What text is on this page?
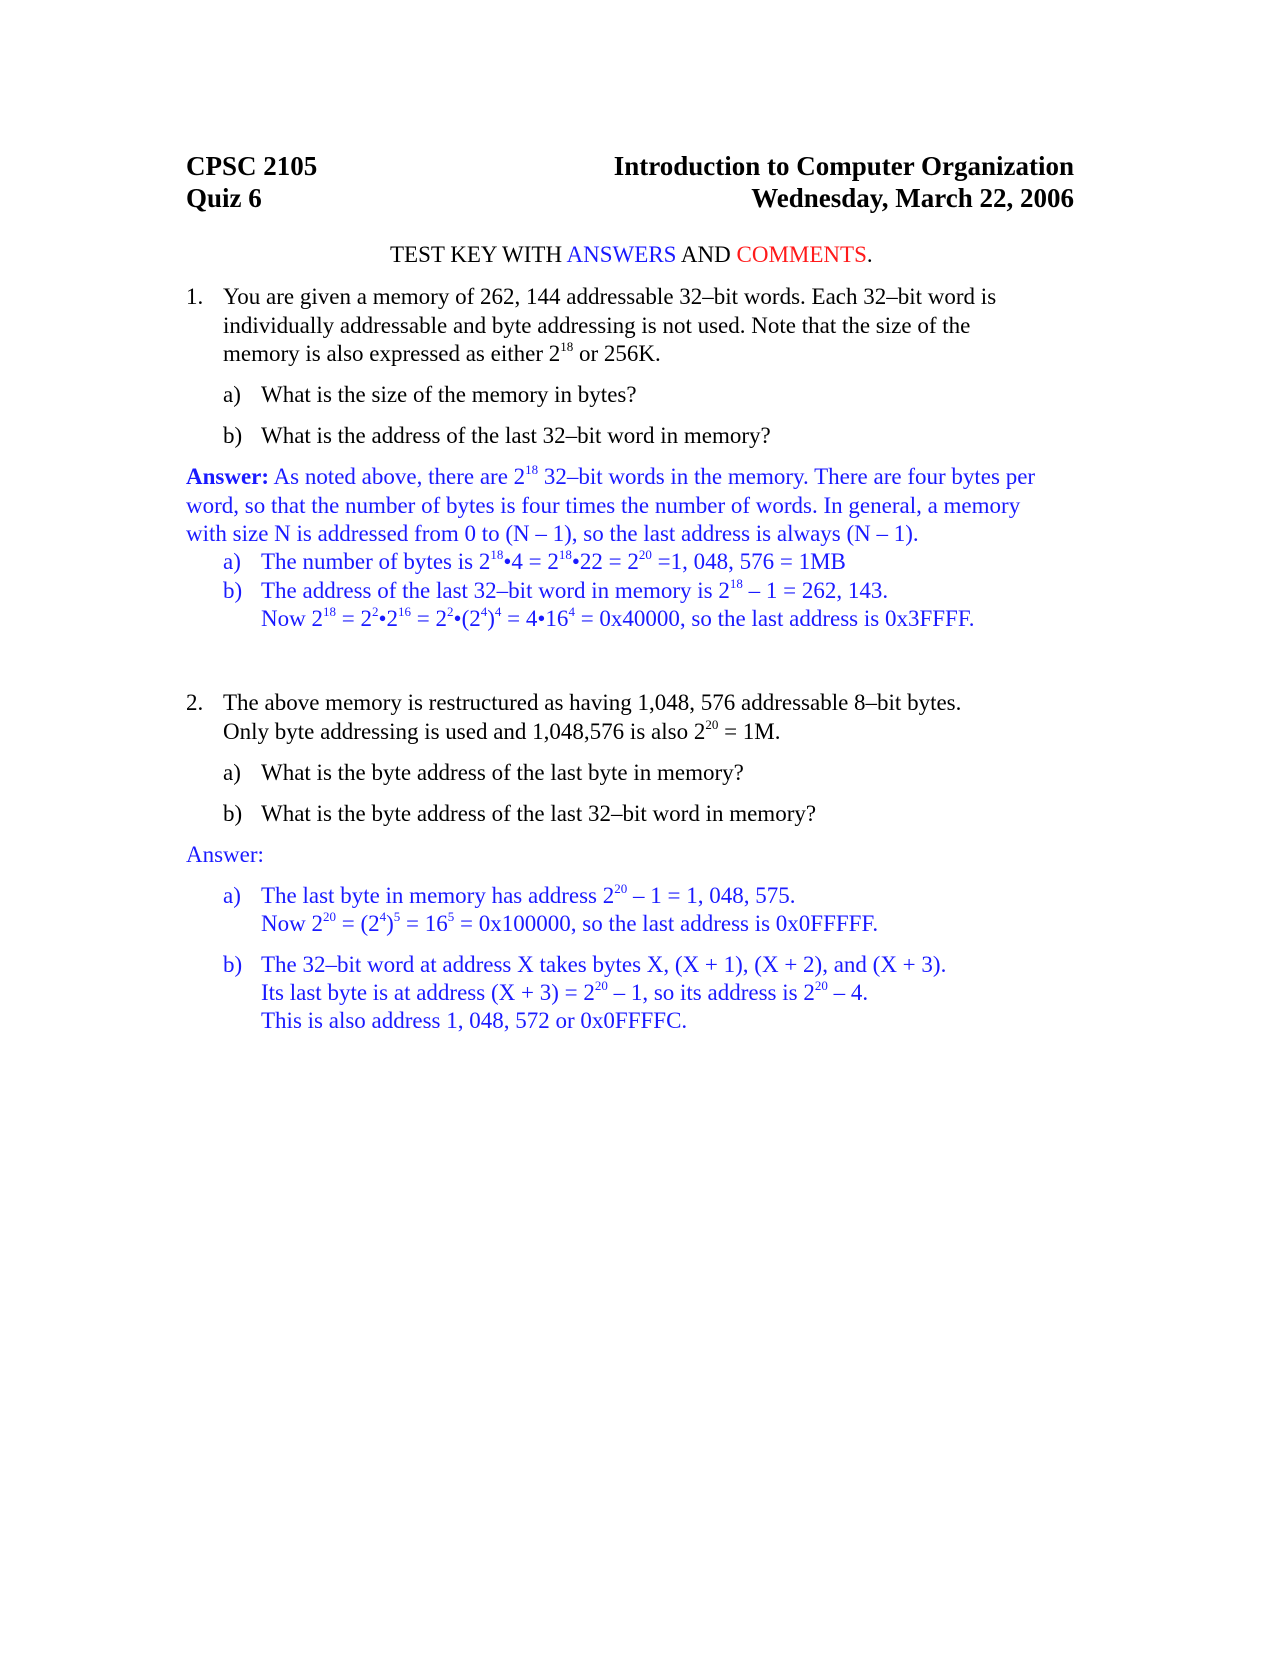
CPSC 2105
Quiz 6
Introduction to Computer Organization
Wednesday, March 22, 2006
TEST KEY WITH ANSWERS AND COMMENTS.
1. You are given a memory of 262, 144 addressable 32–bit words. Each 32–bit word is
individually addressable and byte addressing is not used. Note that the size of the
memory is also expressed as either $2^{18}$ or 256K.
a) What is the size of the memory in bytes?
b) What is the address of the last 32–bit word in memory?
Answer: As noted above, there are $2^{18}$ 32–bit words in the memory. There are four bytes per
word, so that the number of bytes is four times the number of words. In general, a memory
with size N is addressed from 0 to (N – 1), so the last address is always (N – 1).
a) The number of bytes is $2^{18}•4$ = $2^{18}•22 = 2^{20} =1$, 048, 576 = 1MB
b) The address of the last 32–bit word in memory is $2^{18} - 1 = 262$, 143.
Now $2^{18}$ = $2^2•2^{16}$ = $2^2•(2^4)^4$ = $4•16^4 = 0x40000$, so the last address is 0x3FFFF.
2. The above memory is restructured as having 1,048, 576 addressable 8–bit bytes.
Only byte addressing is used and 1,048,576 is also $2^{20} = 1M$.
a) What is the byte address of the last byte in memory?
b) What is the byte address of the last 32–bit word in memory?
Answer:
a) The last byte in memory has address $2^{20} - 1 = 1$, 048, 575.
Now $2^{20} = (2^4)^5 = 16^5 = 0x100000$, so the last address is 0x0FFFFF.
b) The 32–bit word at address X takes bytes X, (X + 1), (X + 2), and (X + 3).
Its last byte is at address $(X + 3) = 2^{20} - 1$, so its address is $2^{20} - 4$.
This is also address 1, 048, 572 or 0x0FFFFC.
